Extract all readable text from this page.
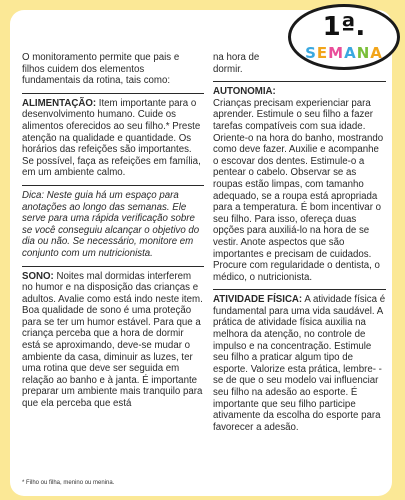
1ª.
SEMANA

O monitoramento permite que pais e filhos cuidem dos elementos fundamentais da rotina, tais como:

ALIMENTAÇÃO: Item importante para o desenvolvimento humano. Cuide os alimentos oferecidos ao seu filho.* Preste atenção na qualidade e quantidade. Os horários das refeições são importantes. Se possível, faça as refeições em família, em um ambiente calmo.

Dica: Neste guia há um espaço para anotações ao longo das semanas. Ele serve para uma rápida verificação sobre se você conseguiu alcançar o objetivo do dia ou não. Se necessário, monitore em conjunto com um nutricionista.

SONO: Noites mal dormidas interferem no humor e na disposição das crianças e adultos. Avalie como está indo neste item. Boa qualidade de sono é uma proteção para se ter um humor estável. Para que a criança perceba que a hora de dormir está se aproximando, deve-se mudar o ambiente da casa, diminuir as luzes, ter uma rotina que deve ser seguida em relação ao banho e à janta. É importante preparar um ambiente mais tranquilo para que ela perceba que está

na hora de dormir.

AUTONOMIA:
Crianças precisam experienciar para aprender. Estimule o seu filho a fazer tarefas compatíveis com sua idade. Oriente-o na hora do banho, mostrando como deve fazer. Auxilie e acompanhe o escovar dos dentes. Estimule-o a pentear o cabelo. Observar se as roupas estão limpas, com tamanho adequado, se a roupa está apropriada para a temperatura. É bom incentivar o seu filho. Para isso, ofereça duas opções para auxiliá-lo na hora de se vestir. Anote aspectos que são importantes e precisam de cuidados. Procure com regularidade o dentista, o médico, o nutricionista.

ATIVIDADE FÍSICA: A atividade física é fundamental para uma vida saudável. A prática de atividade física auxilia na melhora da atenção, no controle de impulso e na concentração. Estimule seu filho a praticar algum tipo de esporte. Valorize esta prática, lembre- -se de que o seu modelo vai influenciar seu filho na adesão ao esporte. É importante que seu filho participe ativamente da escolha do esporte para favorecer a adesão.

* Filho ou filha, menino ou menina.
